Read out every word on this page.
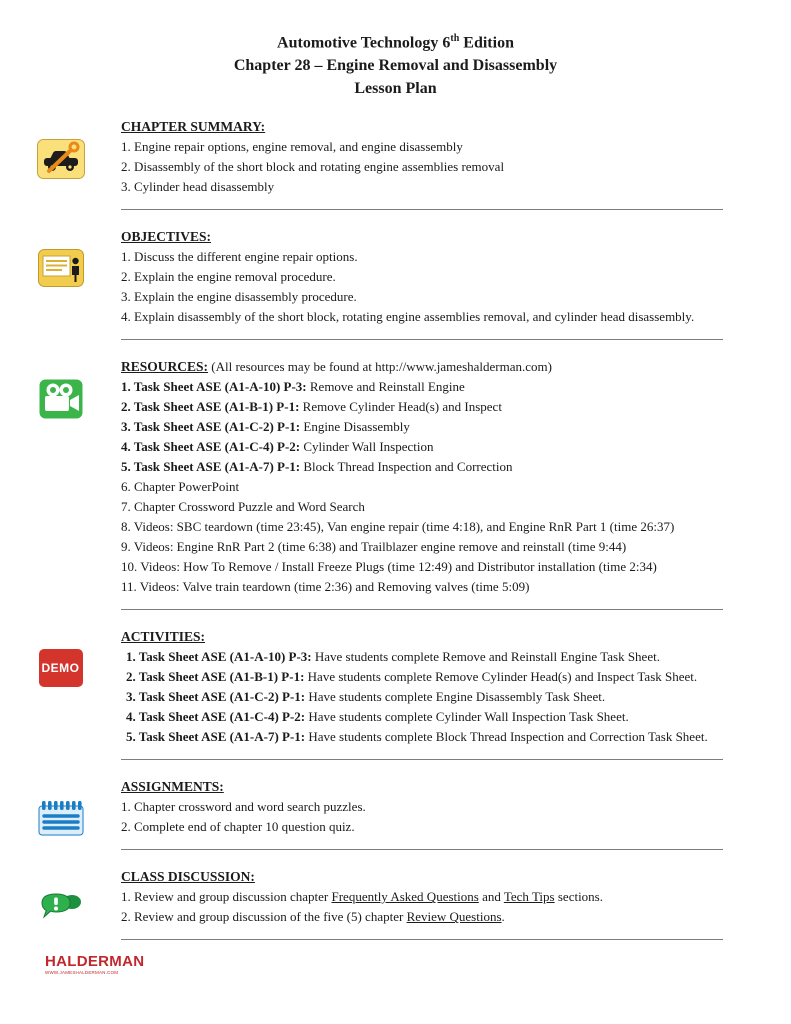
Automotive Technology 6th Edition
Chapter 28 – Engine Removal and Disassembly
Lesson Plan
CHAPTER SUMMARY:
1. Engine repair options, engine removal, and engine disassembly
2. Disassembly of the short block and rotating engine assemblies removal
3. Cylinder head disassembly
OBJECTIVES:
1. Discuss the different engine repair options.
2. Explain the engine removal procedure.
3. Explain the engine disassembly procedure.
4. Explain disassembly of the short block, rotating engine assemblies removal, and cylinder head disassembly.
RESOURCES: (All resources may be found at http://www.jameshalderman.com)
1. Task Sheet ASE (A1-A-10) P-3: Remove and Reinstall Engine
2. Task Sheet ASE (A1-B-1) P-1: Remove Cylinder Head(s) and Inspect
3. Task Sheet ASE (A1-C-2) P-1: Engine Disassembly
4. Task Sheet ASE (A1-C-4) P-2: Cylinder Wall Inspection
5. Task Sheet ASE (A1-A-7) P-1: Block Thread Inspection and Correction
6. Chapter PowerPoint
7. Chapter Crossword Puzzle and Word Search
8. Videos: SBC teardown (time 23:45), Van engine repair (time 4:18), and Engine RnR Part 1 (time 26:37)
9. Videos: Engine RnR Part 2 (time 6:38) and Trailblazer engine remove and reinstall (time 9:44)
10. Videos: How To Remove / Install Freeze Plugs (time 12:49) and Distributor installation (time 2:34)
11. Videos: Valve train teardown (time 2:36) and Removing valves (time 5:09)
DEMO
ACTIVITIES:
1. Task Sheet ASE (A1-A-10) P-3: Have students complete Remove and Reinstall Engine Task Sheet.
2. Task Sheet ASE (A1-B-1) P-1: Have students complete Remove Cylinder Head(s) and Inspect Task Sheet.
3. Task Sheet ASE (A1-C-2) P-1: Have students complete Engine Disassembly Task Sheet.
4. Task Sheet ASE (A1-C-4) P-2: Have students complete Cylinder Wall Inspection Task Sheet.
5. Task Sheet ASE (A1-A-7) P-1: Have students complete Block Thread Inspection and Correction Task Sheet.
ASSIGNMENTS:
1. Chapter crossword and word search puzzles.
2. Complete end of chapter 10 question quiz.
CLASS DISCUSSION:
1. Review and group discussion chapter Frequently Asked Questions and Tech Tips sections.
2. Review and group discussion of the five (5) chapter Review Questions.
HALDERMAN
WWW.JAMESHALDERMAN.COM
